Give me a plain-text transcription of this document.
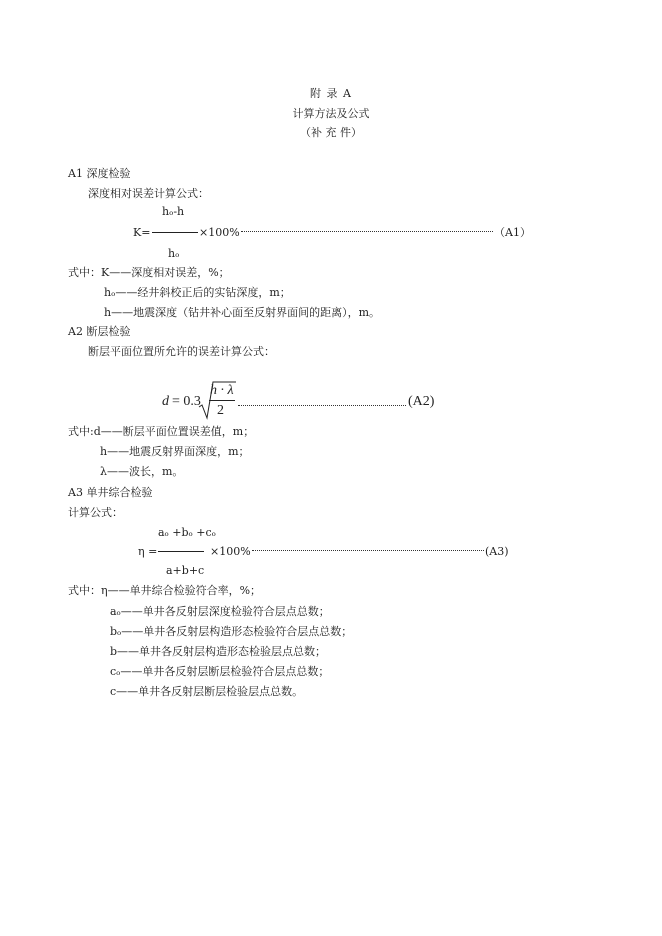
附 录 A
计算方法及公式
（补 充 件）
A1 深度检验
深度相对误差计算公式：
hₒ-h
K=	×100%	（A1）
hₒ
式中：K——深度相对误差，%；
hₒ——经井斜校正后的实钻深度，m；
h——地震深度（钻井补心面至反射界面间的距离），m。
A2 断层检验
断层平面位置所允许的误差计算公式：
d = 0.3
h · λ
2
(A2)
式中:d——断层平面位置误差值，m；
h——地震反射界面深度，m；
λ——波长，m。
A3 单井综合检验
计算公式：
aₒ +bₒ +cₒ
η =	×100%	(A3)
a+b+c
式中：η——单井综合检验符合率，%；
aₒ——单井各反射层深度检验符合层点总数；
bₒ——单井各反射层构造形态检验符合层点总数；
b——单井各反射层构造形态检验层点总数；
cₒ——单井各反射层断层检验符合层点总数；
c——单井各反射层断层检验层点总数。
